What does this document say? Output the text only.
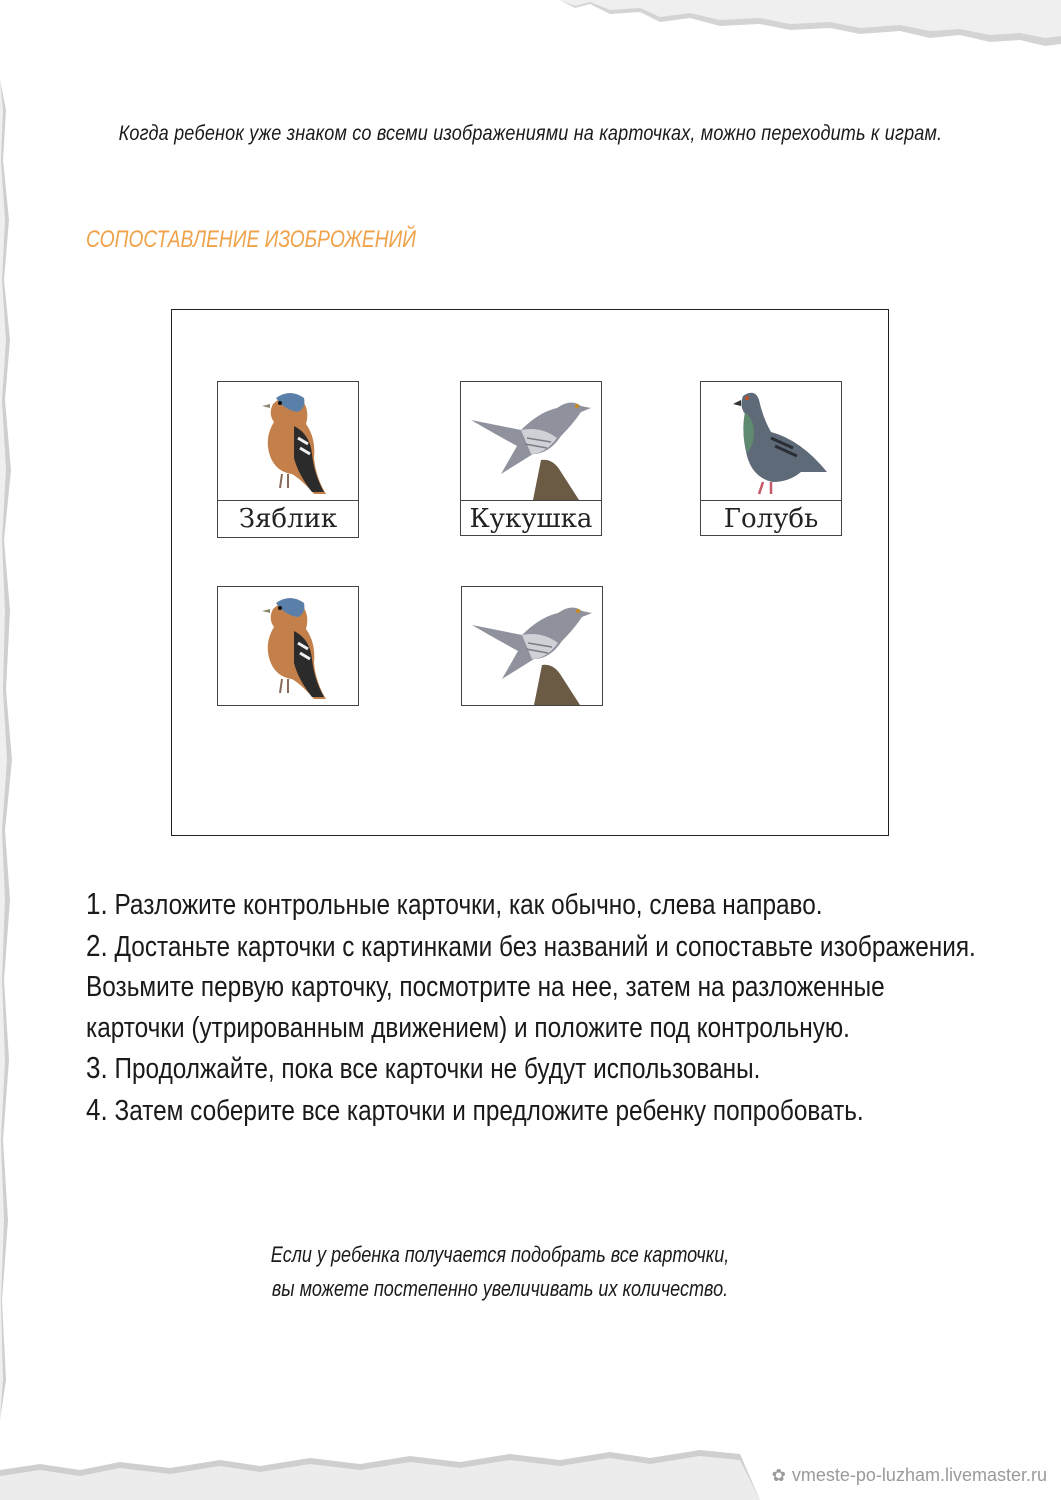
Когда ребенок уже знаком со всеми изображениями на карточках, можно переходить к играм.
СОПОСТАВЛЕНИЕ ИЗОБРОЖЕНИЙ
Зяблик	Кукушка	Голубь
1. Разложите контрольные карточки, как обычно, слева направо.
2. Достаньте карточки с картинками без названий и сопоставьте изображения.
Возьмите первую карточку, посмотрите на нее, затем на разложенные
карточки (утрированным движением) и положите под контрольную.
3. Продолжайте, пока все карточки не будут использованы.
4. Затем соберите все карточки и предложите ребенку попробовать.
Если у ребенка получается подобрать все карточки,
вы можете постепенно увеличивать их количество.
✿ vmeste-po-luzham.livemaster.ru
